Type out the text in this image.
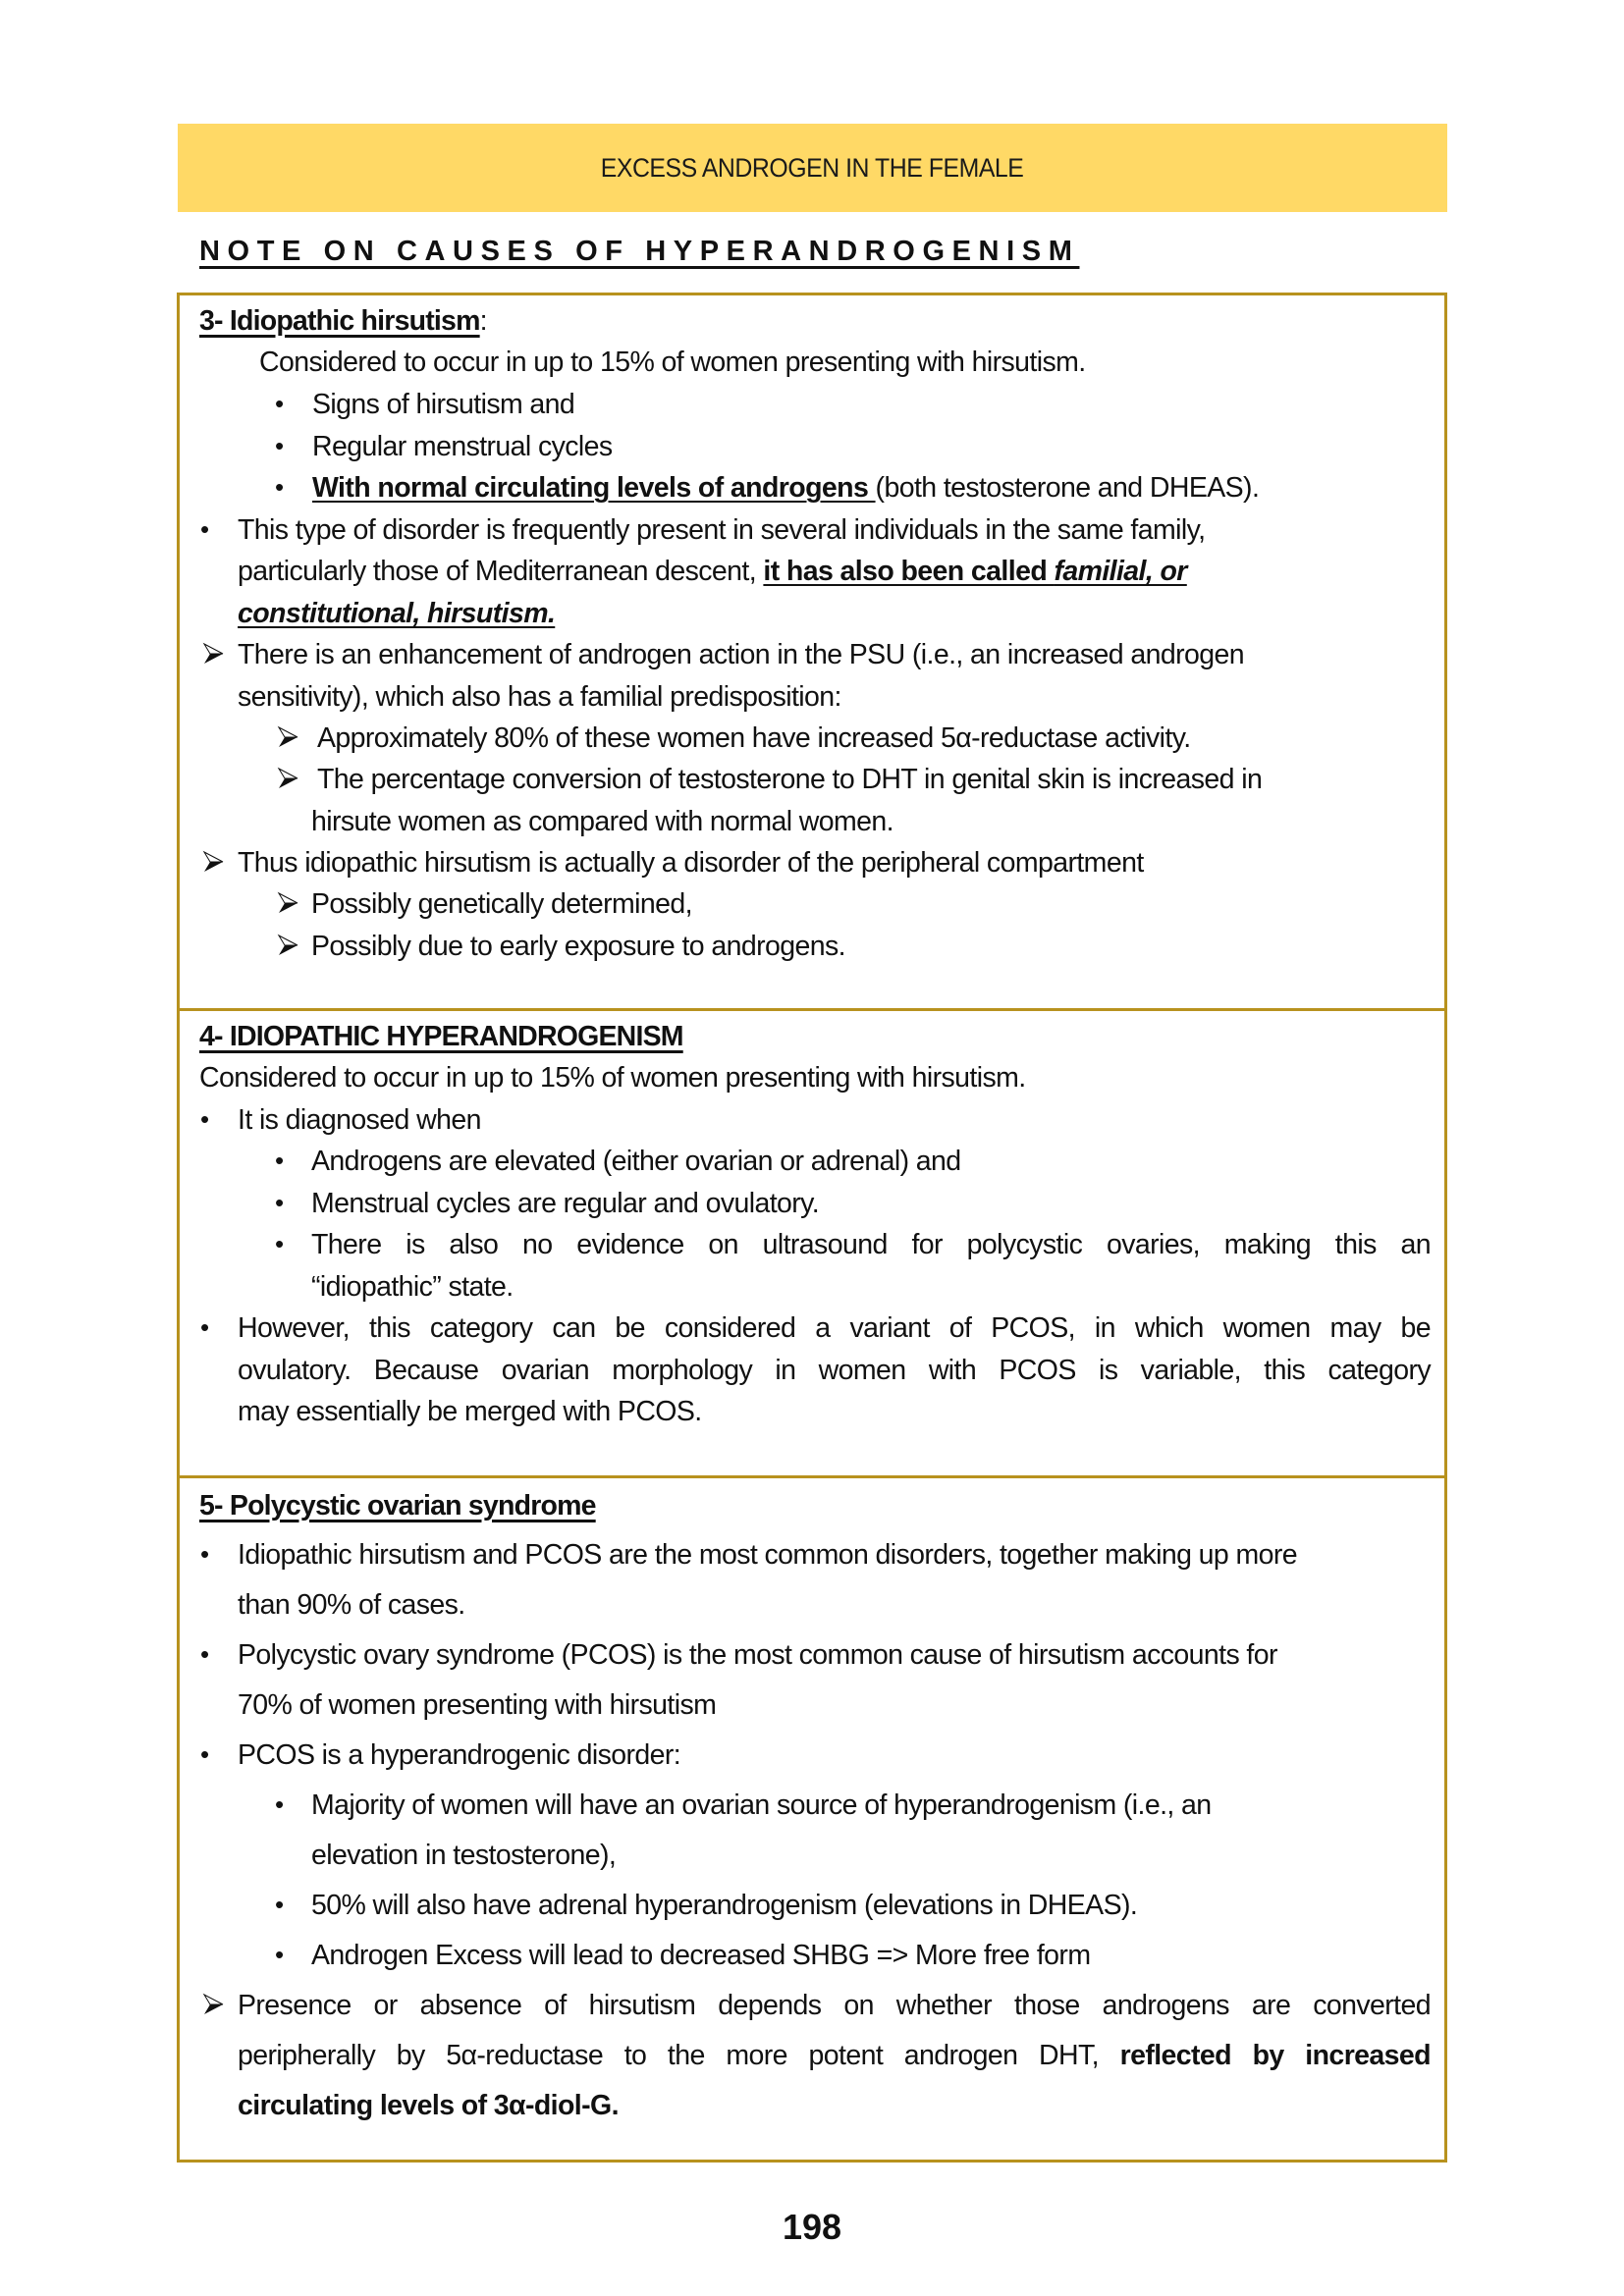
EXCESS ANDROGEN IN THE FEMALE
NOTE ON CAUSES OF HYPERANDROGENISM
3- Idiopathic hirsutism:
Considered to occur in up to 15% of women presenting with hirsutism.
• Signs of hirsutism and
• Regular menstrual cycles
• With normal circulating levels of androgens (both testosterone and DHEAS).
• This type of disorder is frequently present in several individuals in the same family,
particularly those of Mediterranean descent, it has also been called familial, or
constitutional, hirsutism.
There is an enhancement of androgen action in the PSU (i.e., an increased androgen
sensitivity), which also has a familial predisposition:
Approximately 80% of these women have increased 5α-reductase activity.
The percentage conversion of testosterone to DHT in genital skin is increased in
hirsute women as compared with normal women.
Thus idiopathic hirsutism is actually a disorder of the peripheral compartment
Possibly genetically determined,
Possibly due to early exposure to androgens.
4- IDIOPATHIC HYPERANDROGENISM
Considered to occur in up to 15% of women presenting with hirsutism.
• It is diagnosed when
• Androgens are elevated (either ovarian or adrenal) and
• Menstrual cycles are regular and ovulatory.
• There is also no evidence on ultrasound for polycystic ovaries, making this an
“idiopathic” state.
• However, this category can be considered a variant of PCOS, in which women may be
ovulatory. Because ovarian morphology in women with PCOS is variable, this category
may essentially be merged with PCOS.
5- Polycystic ovarian syndrome
• Idiopathic hirsutism and PCOS are the most common disorders, together making up more
than 90% of cases.
• Polycystic ovary syndrome (PCOS) is the most common cause of hirsutism accounts for
70% of women presenting with hirsutism
• PCOS is a hyperandrogenic disorder:
• Majority of women will have an ovarian source of hyperandrogenism (i.e., an
elevation in testosterone),
• 50% will also have adrenal hyperandrogenism (elevations in DHEAS).
• Androgen Excess will lead to decreased SHBG => More free form
Presence or absence of hirsutism depends on whether those androgens are converted
peripherally by 5α-reductase to the more potent androgen DHT, reflected by increased
circulating levels of 3α-diol-G.
198
